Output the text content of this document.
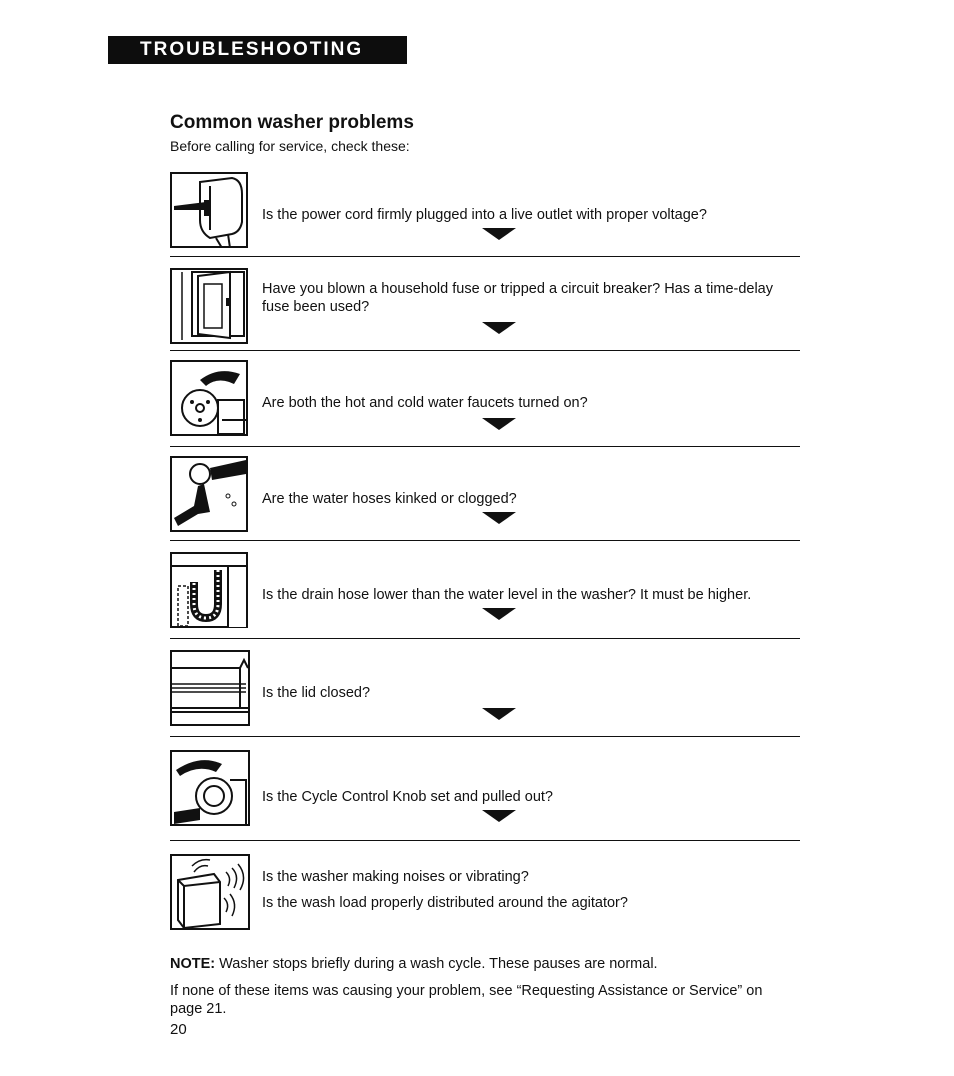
TROUBLESHOOTING
Common washer problems
Before calling for service, check these:
Is the power cord firmly plugged into a live outlet with proper voltage?
Have you blown a household fuse or tripped a circuit breaker? Has a time-delay fuse been used?
Are both the hot and cold water faucets turned on?
Are the water hoses kinked or clogged?
Is the drain hose lower than the water level in the washer? It must be higher.
Is the lid closed?
Is the Cycle Control Knob set and pulled out?
Is the washer making noises or vibrating?
Is the wash load properly distributed around the agitator?
NOTE: Washer stops briefly during a wash cycle. These pauses are normal.
If none of these items was causing your problem, see “Requesting Assistance or Service” on page 21.
20
